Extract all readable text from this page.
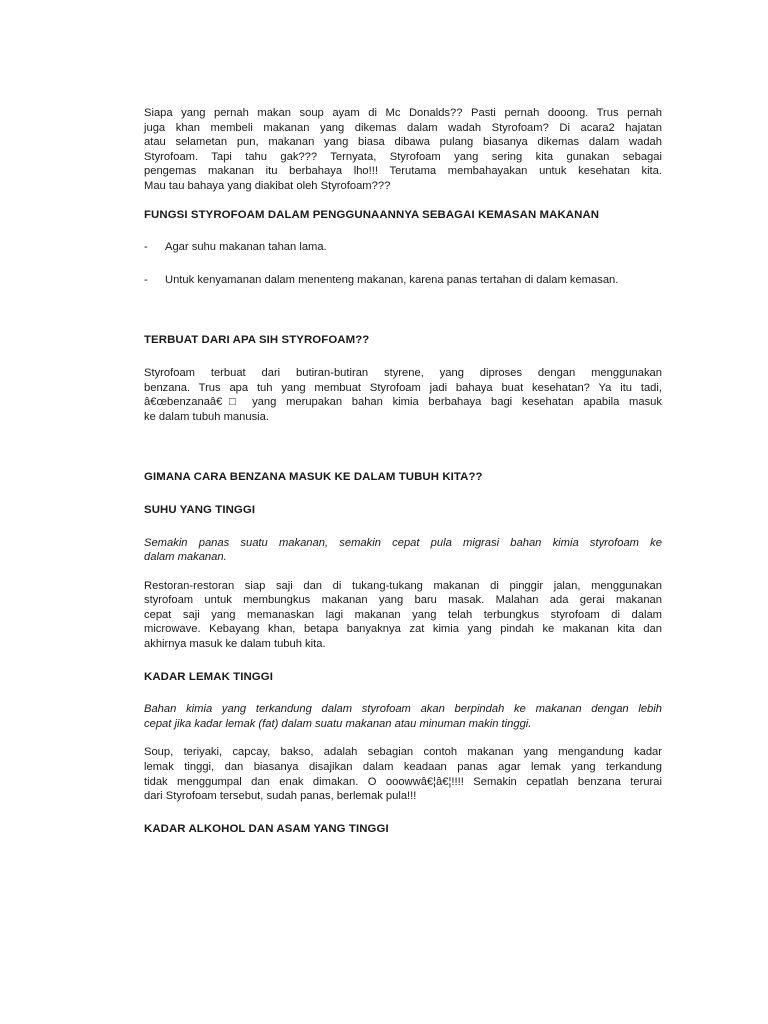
Siapa yang pernah makan soup ayam di Mc Donalds?? Pasti pernah dooong. Trus pernah
juga khan membeli makanan yang dikemas dalam wadah Styrofoam? Di acara2 hajatan
atau selametan pun, makanan yang biasa dibawa pulang biasanya dikemas dalam wadah
Styrofoam. Tapi tahu gak??? Ternyata, Styrofoam yang sering kita gunakan sebagai
pengemas makanan itu berbahaya lho!!! Terutama membahayakan untuk kesehatan kita.
Mau tau bahaya yang diakibat oleh Styrofoam???
FUNGSI STYROFOAM DALAM PENGGUNAANNYA SEBAGAI KEMASAN MAKANAN
- Agar suhu makanan tahan lama.
- Untuk kenyamanan dalam menenteng makanan, karena panas tertahan di dalam kemasan.
TERBUAT DARI APA SIH STYROFOAM??
Styrofoam terbuat dari butiran-butiran styrene, yang diproses dengan menggunakan
benzana. Trus apa tuh yang membuat Styrofoam jadi bahaya buat kesehatan? Ya itu tadi,
â€œbenzanaâ€□ yang merupakan bahan kimia berbahaya bagi kesehatan apabila masuk
ke dalam tubuh manusia.
GIMANA CARA BENZANA MASUK KE DALAM TUBUH KITA??
SUHU YANG TINGGI
Semakin panas suatu makanan, semakin cepat pula migrasi bahan kimia styrofoam ke
dalam makanan.
Restoran-restoran siap saji dan di tukang-tukang makanan di pinggir jalan, menggunakan
styrofoam untuk membungkus makanan yang baru masak. Malahan ada gerai makanan
cepat saji yang memanaskan lagi makanan yang telah terbungkus styrofoam di dalam
microwave. Kebayang khan, betapa banyaknya zat kimia yang pindah ke makanan kita dan
akhirnya masuk ke dalam tubuh kita.
KADAR LEMAK TINGGI
Bahan kimia yang terkandung dalam styrofoam akan berpindah ke makanan dengan lebih
cepat jika kadar lemak (fat) dalam suatu makanan atau minuman makin tinggi.
Soup, teriyaki, capcay, bakso, adalah sebagian contoh makanan yang mengandung kadar
lemak tinggi, dan biasanya disajikan dalam keadaan panas agar lemak yang terkandung
tidak menggumpal dan enak dimakan. O ooowwâ€¦â€¦!!!! Semakin cepatlah benzana terurai
dari Styrofoam tersebut, sudah panas, berlemak pula!!!
KADAR ALKOHOL DAN ASAM YANG TINGGI
